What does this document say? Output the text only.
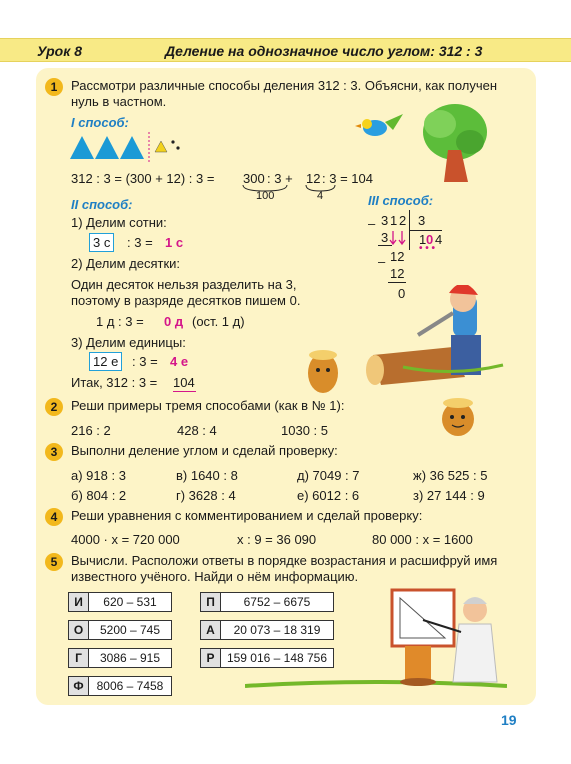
Урок 8	Деление на однозначное число углом: 312 : 3
1	Рассмотри различные способы деления 312 : 3. Объясни, как получен
нуль в частном.
I способ:
312 : 3 = (300 + 12) : 3 = 300 : 3 + 12 : 3 = 104
100	4
II способ:
1) Делим сотни:
3 с	: 3 = 1 с
2) Делим десятки:
Один десяток нельзя разделить на 3,
поэтому в разряде десятков пишем 0.
1 д : 3 = 0 д (ост. 1 д)
3) Делим единицы:
12 е	: 3 = 4 е
Итак, 312 : 3 = 104
III способ:
– 3 1 2 3
3 1 0 4
• • •
– 12
12
0
2	Реши примеры тремя способами (как в № 1):
216 : 2	428 : 4	1030 : 5
3	Выполни деление углом и сделай проверку:
а) 918 : 3	в) 1640 : 8	д) 7049 : 7	ж) 36 525 : 5
б) 804 : 2	г) 3628 : 4	е) 6012 : 6	з) 27 144 : 9
4	Реши уравнения с комментированием и сделай проверку:
4000 · x = 720 000	x : 9 = 36 090	80 000 : x = 1600
5	Вычисли. Расположи ответы в порядке возрастания и расшифруй имя
известного учёного. Найди о нём информацию.
И	620 – 531	П	6752 – 6675
О	5200 – 745	А	20 073 – 18 319
Г	3086 – 915	Р	159 016 – 148 756
Ф	8006 – 7458
19
